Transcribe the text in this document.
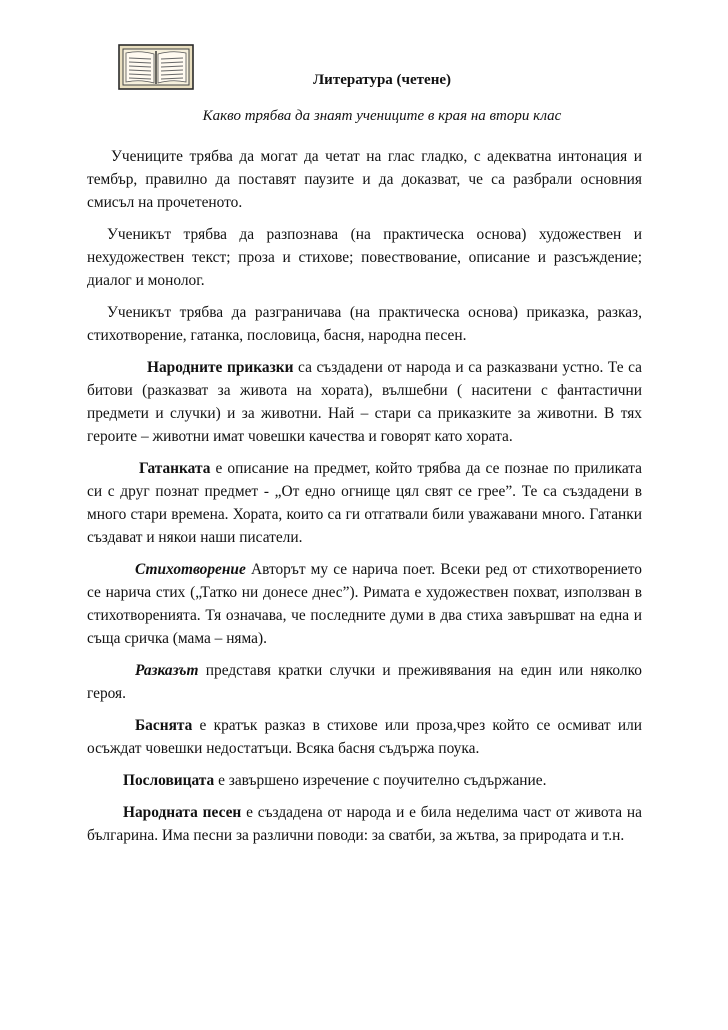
Литература (четене)
Какво трябва да знаят учениците в края на втори клас

Учениците трябва да могат да четат на глас гладко, с адекватна интонация и тембър, правилно да поставят паузите и да доказват, че са разбрали основния смисъл на прочетеното.

Ученикът трябва да разпознава (на практическа основа) художествен и нехудожествен текст; проза и стихове; повествование, описание и разсъждение; диалог и монолог.

Ученикът трябва да разграничава (на практическа основа) приказка, разказ, стихотворение, гатанка, пословица, басня, народна песен.

Народните приказки са създадени от народа и са разказвани устно. Те са битови (разказват за живота на хората), вълшебни ( наситени с фантастични предмети и случки) и за животни. Най – стари са приказките за животни. В тях героите – животни имат човешки качества и говорят като хората.

Гатанката е описание на предмет, който трябва да се познае по приликата си с друг познат предмет - „От едно огнище цял свят се грее”. Те са създадени в много стари времена. Хората, които са ги отгатвали били уважавани много. Гатанки създават и някои наши писатели.

Стихотворение Авторът му се нарича поет. Всеки ред от стихотворението се нарича стих („Татко ни донесе днес”). Римата е художествен похват, използван в стихотворенията. Тя означава, че последните думи в два стиха завършват на една и съща сричка (мама – няма).

Разказът представя кратки случки и преживявания на един или няколко героя.

Баснята е кратък разказ в стихове или проза,чрез който се осмиват или осъждат човешки недостатъци. Всяка басня съдържа поука.

Пословицата е завършено изречение с поучително съдържание.

Народната песен е създадена от народа и е била неделима част от живота на българина. Има песни за различни поводи: за сватби, за жътва, за природата и т.н.
